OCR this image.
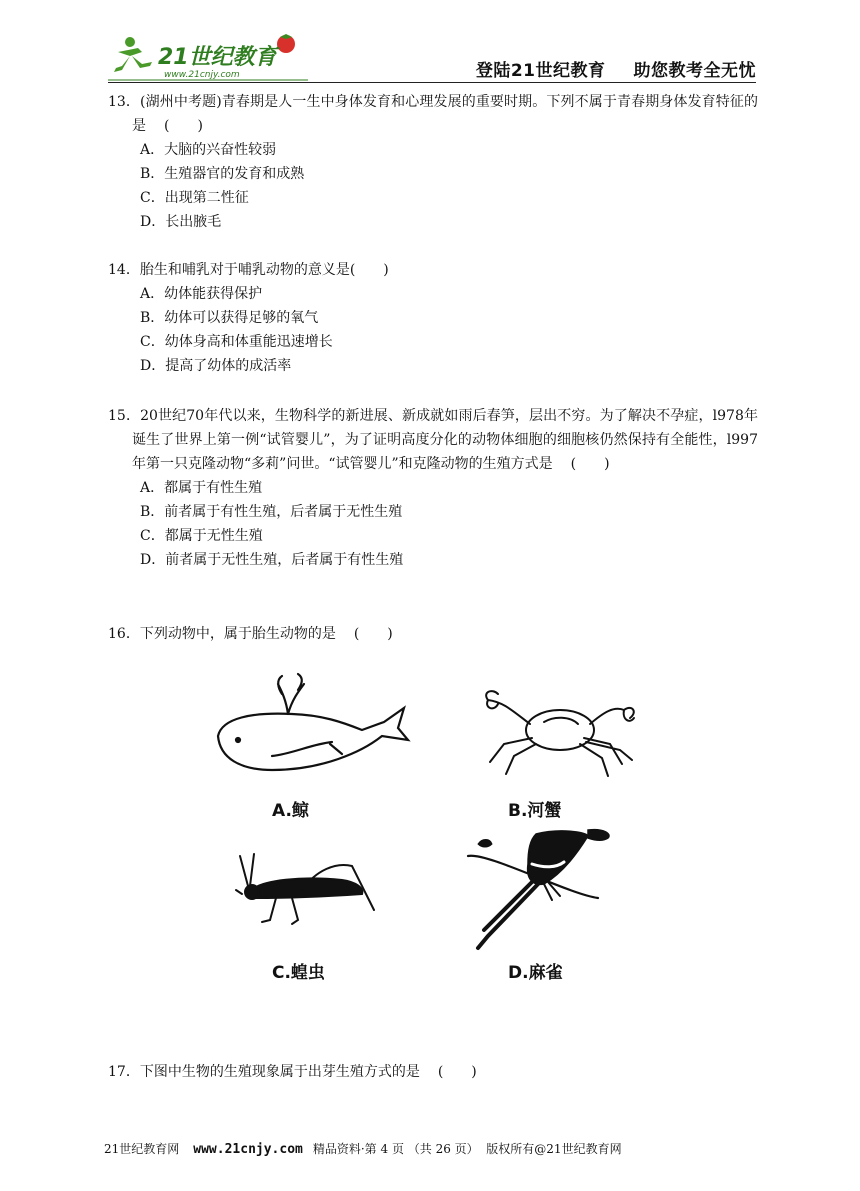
21世纪教育
www.21cnjy.com	登陆21世纪教育 助您教考全无忧

13．(湖州中考题)青春期是人一生中身体发育和心理发展的重要时期。下列不属于青春期身体发育特征的是 (　　)

A．大脑的兴奋性较弱

B．生殖器官的发育和成熟

C．出现第二性征

D．长出腋毛

14．胎生和哺乳对于哺乳动物的意义是(　　)

A．幼体能获得保护

B．幼体可以获得足够的氧气

C．幼体身高和体重能迅速增长

D．提高了幼体的成活率

15．20世纪70年代以来，生物科学的新进展、新成就如雨后春笋，层出不穷。为了解决不孕症，l978年诞生了世界上第一例“试管婴儿”，为了证明高度分化的动物体细胞的细胞核仍然保持有全能性，l997年第一只克隆动物“多莉”问世。“试管婴儿”和克隆动物的生殖方式是 (　　)

A．都属于有性生殖

B．前者属于有性生殖，后者属于无性生殖

C．都属于无性生殖

D．前者属于无性生殖，后者属于有性生殖

16．下列动物中，属于胎生动物的是 (　　)

A.鲸	B.河蟹
C.蝗虫	D.麻雀

17．下图中生物的生殖现象属于出芽生殖方式的是 (　　)

21世纪教育网 www.21cnjy.com 精品资料·第 4 页 （共 26 页） 版权所有@21世纪教育网
